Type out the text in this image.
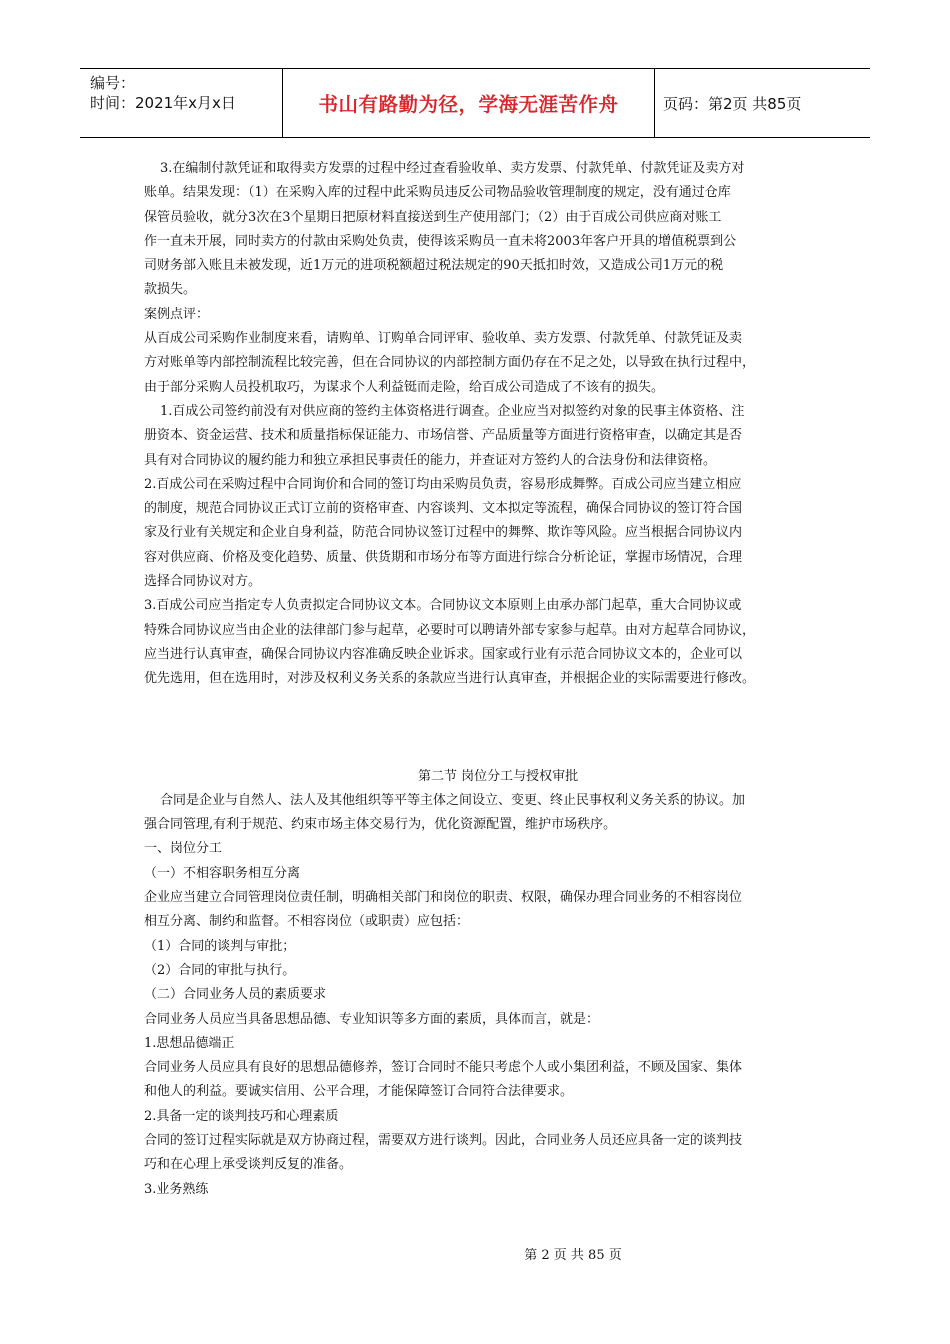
编号：
时间：2021年x月x日	书山有路勤为径，学海无涯苦作舟	页码：第2页 共85页

3.在编制付款凭证和取得卖方发票的过程中经过查看验收单、卖方发票、付款凭单、付款凭证及卖方对

账单。结果发现：（1）在采购入库的过程中此采购员违反公司物品验收管理制度的规定，没有通过仓库

保管员验收，就分3次在3个星期日把原材料直接送到生产使用部门；（2）由于百成公司供应商对账工

作一直未开展，同时卖方的付款由采购处负责，使得该采购员一直未将2003年客户开具的增值税票到公

司财务部入账且未被发现，近1万元的进项税额超过税法规定的90天抵扣时效，又造成公司1万元的税

款损失。

案例点评：

从百成公司采购作业制度来看，请购单、订购单合同评审、验收单、卖方发票、付款凭单、付款凭证及卖

方对账单等内部控制流程比较完善，但在合同协议的内部控制方面仍存在不足之处，以导致在执行过程中，

由于部分采购人员投机取巧，为谋求个人利益铤而走险，给百成公司造成了不该有的损失。

1.百成公司签约前没有对供应商的签约主体资格进行调查。企业应当对拟签约对象的民事主体资格、注

册资本、资金运营、技术和质量指标保证能力、市场信誉、产品质量等方面进行资格审查，以确定其是否

具有对合同协议的履约能力和独立承担民事责任的能力，并查证对方签约人的合法身份和法律资格。

2.百成公司在采购过程中合同询价和合同的签订均由采购员负责，容易形成舞弊。百成公司应当建立相应

的制度，规范合同协议正式订立前的资格审查、内容谈判、文本拟定等流程，确保合同协议的签订符合国

家及行业有关规定和企业自身利益，防范合同协议签订过程中的舞弊、欺诈等风险。应当根据合同协议内

容对供应商、价格及变化趋势、质量、供货期和市场分布等方面进行综合分析论证，掌握市场情况，合理

选择合同协议对方。

3.百成公司应当指定专人负责拟定合同协议文本。合同协议文本原则上由承办部门起草，重大合同协议或

特殊合同协议应当由企业的法律部门参与起草，必要时可以聘请外部专家参与起草。由对方起草合同协议，

应当进行认真审查，确保合同协议内容准确反映企业诉求。国家或行业有示范合同协议文本的，企业可以

优先选用，但在选用时，对涉及权利义务关系的条款应当进行认真审查，并根据企业的实际需要进行修改。

第二节 岗位分工与授权审批

合同是企业与自然人、法人及其他组织等平等主体之间设立、变更、终止民事权利义务关系的协议。加

强合同管理,有利于规范、约束市场主体交易行为，优化资源配置，维护市场秩序。

一、岗位分工

（一）不相容职务相互分离

企业应当建立合同管理岗位责任制，明确相关部门和岗位的职责、权限，确保办理合同业务的不相容岗位

相互分离、制约和监督。不相容岗位（或职责）应包括：

（1）合同的谈判与审批；

（2）合同的审批与执行。

（二）合同业务人员的素质要求

合同业务人员应当具备思想品德、专业知识等多方面的素质，具体而言，就是：

1.思想品德端正

合同业务人员应具有良好的思想品德修养，签订合同时不能只考虑个人或小集团利益，不顾及国家、集体

和他人的利益。要诚实信用、公平合理，才能保障签订合同符合法律要求。

2.具备一定的谈判技巧和心理素质

合同的签订过程实际就是双方协商过程，需要双方进行谈判。因此，合同业务人员还应具备一定的谈判技

巧和在心理上承受谈判反复的准备。

3.业务熟练

第 2 页 共 85 页
